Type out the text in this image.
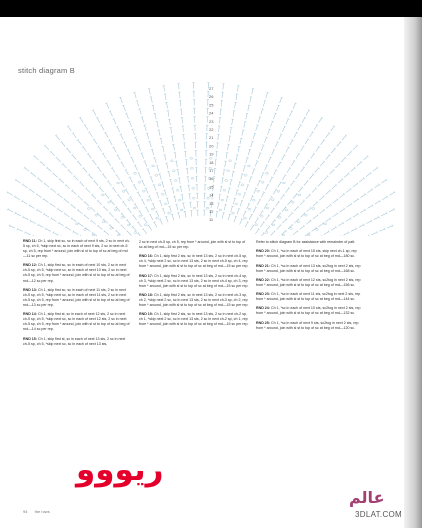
stitch diagram B
27
26
25
24
23
22
21
20
19
18
17
16
15
14
13
12
11

RND 11: Ch 1, skip first sc, sc in each of next 9 sts, 2 sc in next ch-5 sp, ch 5, *skip next sc, sc in each of next 9 sts, 2 sc in next ch-5 sp, ch 5, rep from * around, join with sl st to top of sc at beg of rnd—11 sc per rep.

RND 12: Ch 1, skip first sc, sc in each of next 10 sts, 2 sc in next ch-5 sp, ch 5, *skip next sc, sc in each of next 10 sts, 2 sc in next ch-5 sp, ch 5, rep from * around, join with sl st to top of sc at beg of rnd—12 sc per rep.

RND 13: Ch 1, skip first sc, sc in each of next 11 sts, 2 sc in next ch-5 sp, ch 5, *skip next sc, sc in each of next 11 sts, 2 sc in next ch-5 sp, ch 5, rep from * around, join with sl st to top of sc at beg of rnd—13 sc per rep.

RND 14: Ch 1, skip first st, sc in each of next 12 sts, 2 sc in next ch-5 sp, ch 5, *skip next sc, sc in each of next 12 sts, 2 sc in next ch-5 sp, ch 5, rep from * around, join with sl st to top of sc at beg of rnd—14 sc per rep.

RND 15: Ch 1, skip first st, sc in each of next 13 sts, 2 sc in next ch-5 sp, ch 5, *skip next sc, sc in each of next 13 sts,

2 sc in next ch-5 sp, ch 5, rep from * around, join with sl st to top of sc at beg of rnd—15 sc per rep.

RND 16: Ch 1, skip first 2 sts, sc in next 13 sts, 2 sc in next ch-5 sp, ch 4, *skip next 2 sc, sc in next 13 sts, 2 sc in next ch-5 sp, ch 4, rep from * around, join with sl st to top of sc at beg of rnd—15 sc per rep.

RND 17: Ch 1, skip first 2 sts, sc in next 13 sts, 2 sc in next ch-4 sp, ch 3, *skip next 2 sc, sc in next 13 sts, 2 sc in next ch-4 sp, ch 3, rep from * around, join with sl st to top of sc at beg of rnd—15 sc per rep.

RND 18: Ch 1, skip first 2 sts, sc in next 13 sts, 2 sc in next ch-3 sp, ch 2, *skip next 2 sc, sc in next 13 sts, 2 sc in next ch-3 sp, ch 2, rep from * around, join with sl st to top of sc at beg of rnd—15 sc per rep.

RND 19: Ch 1, skip first 2 sts, sc in next 13 sts, 2 sc in next ch-2 sp, ch 1, *skip next 2 sc, sc in next 13 sts, 2 sc in next ch-2 sp, ch 1, rep from * around, join with sl st to top of sc at beg of rnd—15 sc per rep.

Refer to stitch diagram B for assistance with remainder of patt.

RND 20: Ch 1, *sc in each of next 15 sts, skip next ch-1 sp, rep from * around, join with sl st to top of sc at beg of rnd—180 sc.

RND 21: Ch 1, *sc in each of next 13 sts, sc2tog in next 2 sts, rep from * around, join with sl st to top of sc at beg of rnd—168 sc.

RND 22: Ch 1, *sc in each of next 12 sts, sc2tog in next 2 sts, rep from * around, join with sl st to top of sc at beg of rnd—156 sc.

RND 23: Ch 1, *sc in each of next 11 sts, sc2tog in next 2 sts, rep from * around, join with sl st to top of sc at beg of rnd—144 sc.

RND 24: Ch 1, *sc in each of next 10 sts, sc2tog in next 2 sts, rep from * around, join with sl st to top of sc at beg of rnd—132 sc.

RND 25: Ch 1, *sc in each of next 9 sts, sc2tog in next 2 sts, rep from * around, join with sl st to top of sc at beg of rnd—120 sc.

94 the rows
ريووو
عالم
3DLAT.COM
